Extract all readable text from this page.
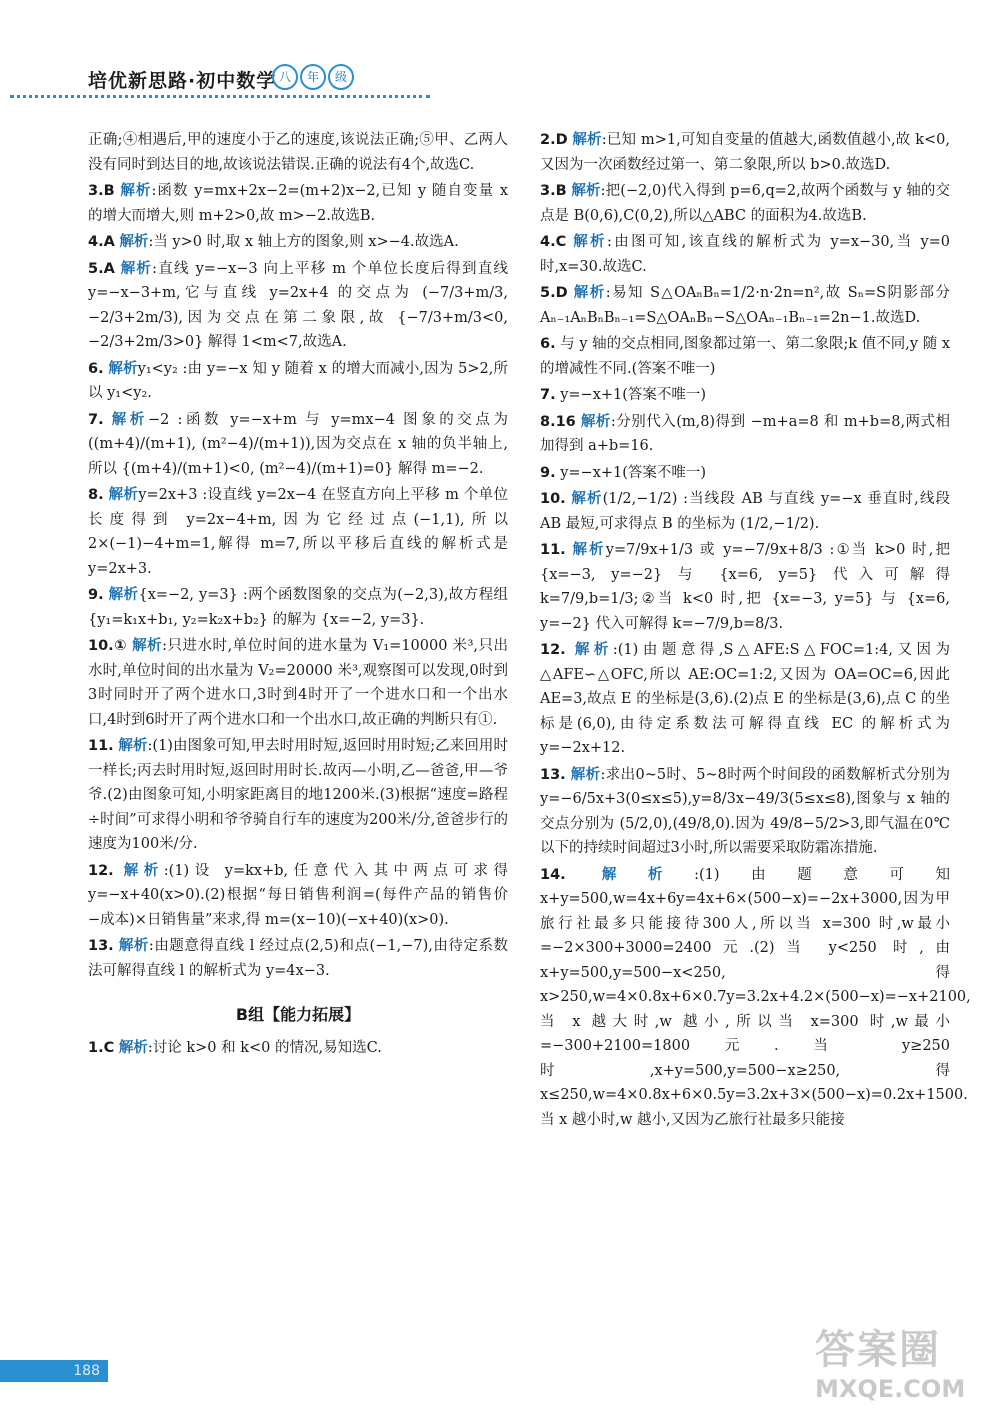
培优新思路·初中数学 八	年	级
正确;④相遇后,甲的速度小于乙的速度,该说法正确;⑤甲、乙两人没有同时到达目的地,故该说法错误.正确的说法有4个,故选C.
3.B 解析:函数 y=mx+2x−2=(m+2)x−2,已知 y 随自变量 x 的增大而增大,则 m+2>0,故 m>−2.故选B.
4.A 解析:当 y>0 时,取 x 轴上方的图象,则 x>−4.故选A.
5.A 解析:直线 y=−x−3 向上平移 m 个单位长度后得到直线 y=−x−3+m,它与直线 y=2x+4 的交点为 (−7/3+m/3, −2/3+2m/3),因为交点在第二象限,故 {−7/3+m/3<0, −2/3+2m/3>0} 解得 1<m<7,故选A.
6. 解析y₁<y₂ :由 y=−x 知 y 随着 x 的增大而减小,因为 5>2,所以 y₁<y₂.
7. 解析−2 :函数 y=−x+m 与 y=mx−4 图象的交点为 ((m+4)/(m+1), (m²−4)/(m+1)),因为交点在 x 轴的负半轴上,所以 {(m+4)/(m+1)<0, (m²−4)/(m+1)=0} 解得 m=−2.
8. 解析y=2x+3 :设直线 y=2x−4 在竖直方向上平移 m 个单位长度得到 y=2x−4+m,因为它经过点(−1,1),所以 2×(−1)−4+m=1,解得 m=7,所以平移后直线的解析式是 y=2x+3.
9. 解析{x=−2, y=3} :两个函数图象的交点为(−2,3),故方程组 {y₁=k₁x+b₁, y₂=k₂x+b₂} 的解为 {x=−2, y=3}.
10.① 解析:只进水时,单位时间的进水量为 V₁=10000 米³,只出水时,单位时间的出水量为 V₂=20000 米³,观察图可以发现,0时到3时同时开了两个进水口,3时到4时开了一个进水口和一个出水口,4时到6时开了两个进水口和一个出水口,故正确的判断只有①.
11. 解析:(1)由图象可知,甲去时用时短,返回时用时短;乙来回用时一样长;丙去时用时短,返回时用时长.故丙—小明,乙—爸爸,甲—爷爷.(2)由图象可知,小明家距离目的地1200米.(3)根据“速度=路程÷时间”可求得小明和爷爷骑自行车的速度为200米/分,爸爸步行的速度为100米/分.
12. 解析:(1)设 y=kx+b,任意代入其中两点可求得 y=−x+40(x>0).(2)根据“每日销售利润=(每件产品的销售价−成本)×日销售量”来求,得 m=(x−10)(−x+40)(x>0).
13. 解析:由题意得直线 l 经过点(2,5)和点(−1,−7),由待定系数法可解得直线 l 的解析式为 y=4x−3.
B组【能力拓展】
1.C 解析:讨论 k>0 和 k<0 的情况,易知选C.
2.D 解析:已知 m>1,可知自变量的值越大,函数值越小,故 k<0,又因为一次函数经过第一、第二象限,所以 b>0.故选D.
3.B 解析:把(−2,0)代入得到 p=6,q=2,故两个函数与 y 轴的交点是 B(0,6),C(0,2),所以△ABC 的面积为4.故选B.
4.C 解析:由图可知,该直线的解析式为 y=x−30,当 y=0 时,x=30.故选C.
5.D 解析:易知 S△OAₙBₙ=1/2·n·2n=n²,故 Sₙ=S阴影部分 Aₙ₋₁AₙBₙBₙ₋₁=S△OAₙBₙ−S△OAₙ₋₁Bₙ₋₁=2n−1.故选D.
6. 与 y 轴的交点相同,图象都过第一、第二象限;k 值不同,y 随 x 的增减性不同.(答案不唯一)
7. y=−x+1(答案不唯一)
8.16 解析:分别代入(m,8)得到 −m+a=8 和 m+b=8,两式相加得到 a+b=16.
9. y=−x+1(答案不唯一)
10. 解析(1/2,−1/2) :当线段 AB 与直线 y=−x 垂直时,线段 AB 最短,可求得点 B 的坐标为 (1/2,−1/2).
11. 解析y=7/9x+1/3 或 y=−7/9x+8/3 :①当 k>0 时,把 {x=−3, y=−2} 与 {x=6, y=5} 代入可解得 k=7/9,b=1/3;②当 k<0 时,把 {x=−3, y=5} 与 {x=6, y=−2} 代入可解得 k=−7/9,b=8/3.
12. 解析:(1)由题意得,S△AFE:S△FOC=1:4,又因为△AFE∽△OFC,所以 AE:OC=1:2,又因为 OA=OC=6,因此 AE=3,故点 E 的坐标是(3,6).(2)点 E 的坐标是(3,6),点 C 的坐标是(6,0),由待定系数法可解得直线 EC 的解析式为 y=−2x+12.
13. 解析:求出0~5时、5~8时两个时间段的函数解析式分别为 y=−6/5x+3(0≤x≤5),y=8/3x−49/3(5≤x≤8),图象与 x 轴的交点分别为 (5/2,0),(49/8,0).因为 49/8−5/2>3,即气温在0℃以下的持续时间超过3小时,所以需要采取防霜冻措施.
14. 解析:(1)由题意可知 x+y=500,w=4x+6y=4x+6×(500−x)=−2x+3000,因为甲旅行社最多只能接待300人,所以当 x=300 时,w最小=−2×300+3000=2400元.(2)当 y<250 时,由 x+y=500,y=500−x<250,得 x>250,w=4×0.8x+6×0.7y=3.2x+4.2×(500−x)=−x+2100,当 x 越大时,w 越小,所以当 x=300 时,w最小=−300+2100=1800元.当 y≥250 时,x+y=500,y=500−x≥250,得 x≤250,w=4×0.8x+6×0.5y=3.2x+3×(500−x)=0.2x+1500.当 x 越小时,w 越小,又因为乙旅行社最多只能接
188	答案圈
MXQE.COM
